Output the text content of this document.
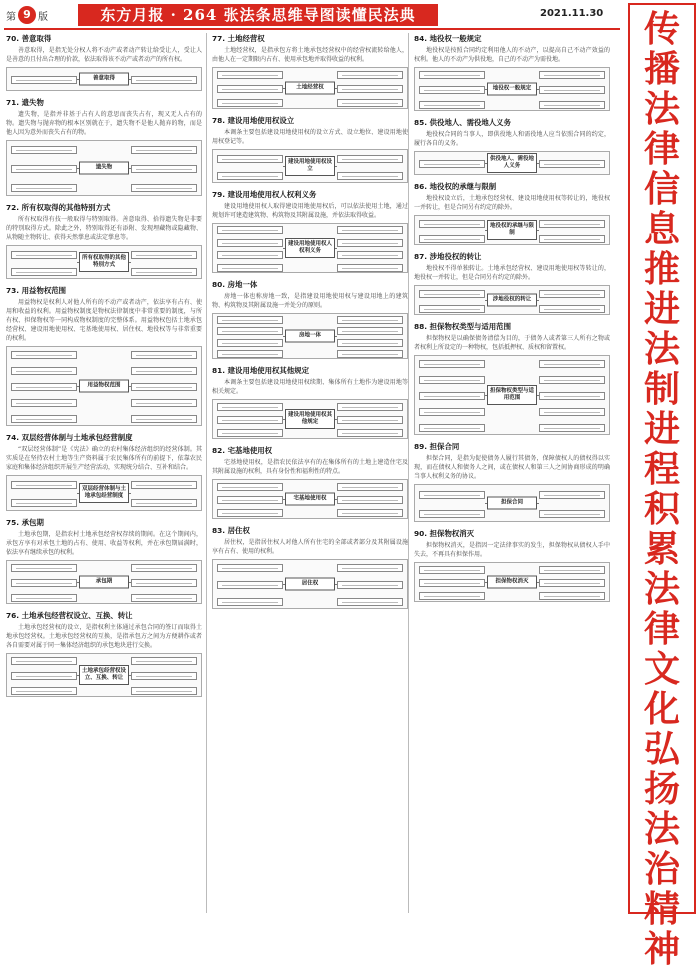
第 9 版	东方月报 · 264 张法条思维导图读懂民法典	2021.11.30
70. 善意取得
善意取得，是指无处分权人将不动产或者动产转让给受让人，受让人是善意的且付出合理的价款，依法取得该不动产或者动产的所有权。
善意取得
71. 遗失物
遗失物，是指并非基于占有人的意思而丧失占有，现又无人占有的物。遗失物与抛弃物的根本区别就在于，遗失物不是他人抛弃的物，而是他人因为意外而丧失占有的物。
遗失物
72. 所有权取得的其他特别方式
所有权取得有技一般取得与特别取得。善意取得、拾得遗失物是非要的特别取得方式。除此之外，特别取得还有添附、发现埋藏物或隐藏物、从物随主物转让、获得天然孳息或法定孳息等。
所有权取得的其他特别方式
73. 用益物权范围
用益物权是权利人对他人所有的不动产或者动产，依法享有占有、使用和收益的权利。用益物权制度是物权法律制度中非常重要的制度，与所有权、担保物权等一同构成物权制度的完整体系。用益物权包括土地承包经营权、建设用地使用权、宅基地使用权、居住权、地役权等与非常重要的权利。
用益物权范围
74. 双层经营体制与土地承包经营制度
“双层经营体制”是《宪法》确立的农村集体经济组织的经营体制。其实质是在坚持农村土地等生产资料属于农民集体所有的前提下，依靠农民家庭和集体经济组织开展生产经营活动，实现统分结合、互补和结合。
双层经营体制与土地承包经营制度
75. 承包期
土地承包期，是指农村土地承包经营权存续的期间。在这个期间内，承包方享有对承包土地的占有、使用、收益等权利，并在承包期届满时，依法享有继续承包的权利。
承包期
76. 土地承包经营权设立、互换、转让
土地承包经营权的设立，是指权利主体通过承包合同的签订而取得土地承包经营权。土地承包经营权的互换，是指承包方之间为方便耕作或者各自需要对属于同一集体经济组织的承包地块进行交换。
土地承包经营权设立、互换、转让
77. 土地经营权
土地经营权，是指承包方将土地承包经营权中的经营权流转给他人，由他人在一定期限内占有、使用承包地并取得收益的权利。
土地经营权
78. 建设用地使用权设立
本调条主要包括建设用地使用权的设立方式、设立地位、建设用地使用权登记等。
建设用地使用权设立
79. 建设用地使用权人权利义务
建设用地使用权人取得建设用地使用权后，可以依法使用土地，通过规划许可建造建筑物、构筑物及其附属设施，并依法取得收益。
建设用地使用权人权利义务
80. 房地一体
房地一体也称房地一致，是指建设用地使用权与建设用地上的建筑物、构筑物及其附属设施一并处分的原则。
房地一体
81. 建设用地使用权其他规定
本调条主要包括建设用地使用权续期、集体所有土地作为建设用地等相关规定。
建设用地使用权其他规定
82. 宅基地使用权
宅基地使用权，是指农民依法享有的在集体所有的土地上建造住宅及其附属设施的权利，具有身份性和福利性的特点。
宅基地使用权
83. 居住权
居住权，是指居住权人对他人所有住宅的全部或者部分及其附属设施享有占有、使用的权利。
居住权
84. 地役权一般规定
地役权是按照合同约定利用他人的不动产，以提高自己不动产效益的权利。他人的不动产为供役地，自己的不动产为需役地。
地役权一般规定
85. 供役地人、需役地人义务
地役权合同的当事人，即供役地人和需役地人应当依照合同的约定，履行各自的义务。
供役地人、需役地人义务
86. 地役权的承继与限制
地役权设立后，土地承包经营权、建设用地使用权等转让的，地役权一并转让，但是合同另有约定的除外。
地役权的承继与限制
87. 涉地役权的转让
地役权不得单独转让。土地承包经营权、建设用地使用权等转让的，地役权一并转让，但是合同另有约定的除外。
涉地役权的转让
88. 担保物权类型与适用范围
担保物权是以确保债务清偿为目的，于债务人或者第三人所有之物或者权利上所设定的一种物权，包括抵押权、质权和留置权。
担保物权类型与适用范围
89. 担保合同
担保合同，是指为促使债务人履行其债务，保障债权人的债权得以实现，而在债权人和债务人之间，或在债权人和第三人之间协商形成的明确当事人权利义务的协议。
担保合同
90. 担保物权消灭
担保物权消灭，是指因一定法律事实的发生，担保物权从债权人手中失去，不再具有担保作用。
担保物权消灭
传
播
法
律
信
息
推
进
法
制
进
程
积
累
法
律
文
化
弘
扬
法
治
精
神
